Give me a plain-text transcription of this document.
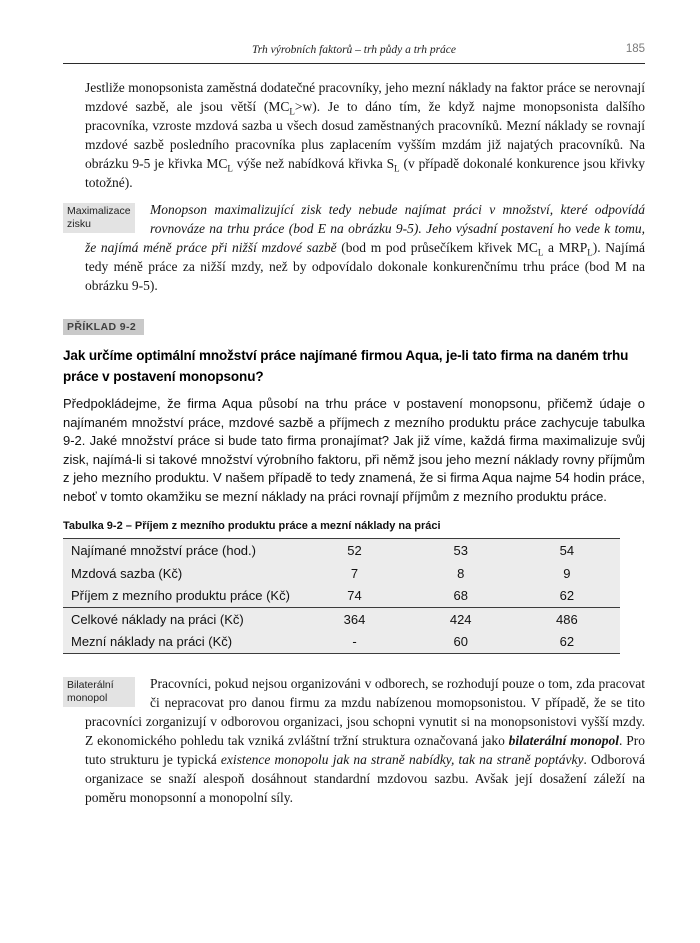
Trh výrobních faktorů – trh půdy a trh práce	185

Jestliže monopsonista zaměstná dodatečné pracovníky, jeho mezní náklady na faktor práce se nerovnají mzdové sazbě, ale jsou větší $(MC_L>w)$. Je to dáno tím, že když najme monopsonista dalšího pracovníka, vzroste mzdová sazba u všech dosud zaměstnaných pracovníků. Mezní náklady se rovnají mzdové sazbě posledního pracovníka plus zaplacením vyšším mzdám již najatých pracovníků. Na obrázku 9-5 je křivka $MC_L$ výše než nabídková křivka $S_L$ (v případě dokonalé konkurence jsou křivky totožné).

Maximalizace zisku
Monopson maximalizující zisk tedy nebude najímat práci v množství, které odpovídá rovnováze na trhu práce (bod E na obrázku 9-5). Jeho výsadní postavení ho vede k tomu, že najímá méně práce při nižší mzdové sazbě (bod m pod průsečíkem křivek $MC_L$ a $MRP_L$). Najímá tedy méně práce za nižší mzdy, než by odpovídalo dokonale konkurenčnímu trhu práce (bod M na obrázku 9-5).
PŘÍKLAD 9-2
Jak určíme optimální množství práce najímané firmou Aqua, je-li tato firma na daném trhu práce v postavení monopsonu?

Předpokládejme, že firma Aqua působí na trhu práce v postavení monopsonu, přičemž údaje o najímaném množství práce, mzdové sazbě a příjmech z mezního produktu práce zachycuje tabulka 9-2. Jaké množství práce si bude tato firma pronajímat? Jak již víme, každá firma maximalizuje svůj zisk, najímá-li si takové množství výrobního faktoru, při němž jsou jeho mezní náklady rovny příjmům z jeho mezního produktu. V našem případě to tedy znamená, že si firma Aqua najme 54 hodin práce, neboť v tomto okamžiku se mezní náklady na práci rovnají příjmům z mezního produktu práce.

Tabulka 9-2 – Příjem z mezního produktu práce a mezní náklady na práci
Najímané množství práce (hod.)	52	53	54
Mzdová sazba (Kč)	7	8	9
Příjem z mezního produktu práce (Kč)	74	68	62
Celkové náklady na práci (Kč)	364	424	486
Mezní náklady na práci (Kč)	-	60	62
Bilaterální monopol
Pracovníci, pokud nejsou organizováni v odborech, se rozhodují pouze o tom, zda pracovat či nepracovat pro danou firmu za mzdu nabízenou momopsonistou. V případě, že se tito pracovníci zorganizují v odborovou organizaci, jsou schopni vynutit si na monopsonistovi vyšší mzdy. Z ekonomického pohledu tak vzniká zvláštní tržní struktura označovaná jako bilaterální monopol. Pro tuto strukturu je typická existence monopolu jak na straně nabídky, tak na straně poptávky. Odborová organizace se snaží alespoň dosáhnout standardní mzdovou sazbu. Avšak její dosažení záleží na poměru monopsonní a monopolní síly.
